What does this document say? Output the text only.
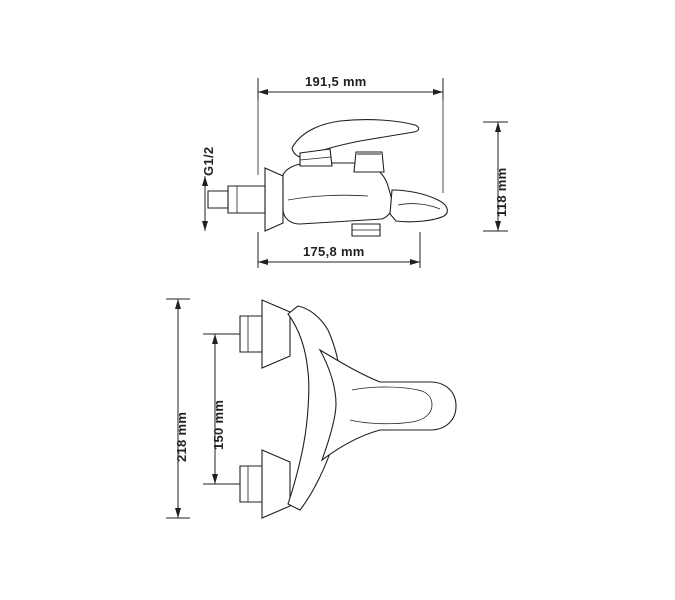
191,5 mm
175,8 mm
118 mm
G1/2
150 mm
218 mm
